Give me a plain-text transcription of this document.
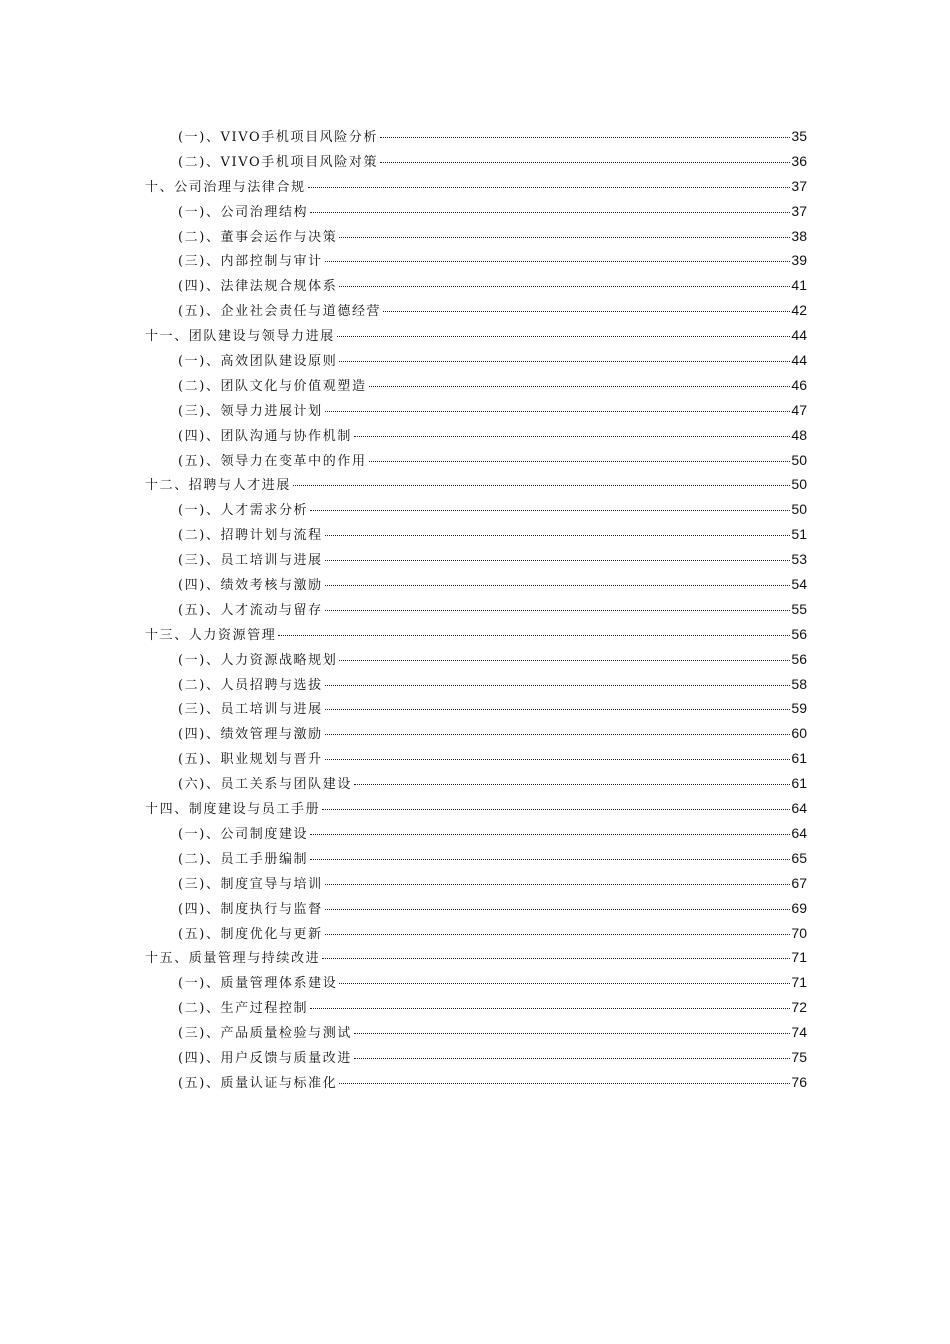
(一)、VIVO手机项目风险分析	35
(二)、VIVO手机项目风险对策	36
十、公司治理与法律合规	37
(一)、公司治理结构	37
(二)、董事会运作与决策	38
(三)、内部控制与审计	39
(四)、法律法规合规体系	41
(五)、企业社会责任与道德经营	42
十一、团队建设与领导力进展	44
(一)、高效团队建设原则	44
(二)、团队文化与价值观塑造	46
(三)、领导力进展计划	47
(四)、团队沟通与协作机制	48
(五)、领导力在变革中的作用	50
十二、招聘与人才进展	50
(一)、人才需求分析	50
(二)、招聘计划与流程	51
(三)、员工培训与进展	53
(四)、绩效考核与激励	54
(五)、人才流动与留存	55
十三、人力资源管理	56
(一)、人力资源战略规划	56
(二)、人员招聘与选拔	58
(三)、员工培训与进展	59
(四)、绩效管理与激励	60
(五)、职业规划与晋升	61
(六)、员工关系与团队建设	61
十四、制度建设与员工手册	64
(一)、公司制度建设	64
(二)、员工手册编制	65
(三)、制度宣导与培训	67
(四)、制度执行与监督	69
(五)、制度优化与更新	70
十五、质量管理与持续改进	71
(一)、质量管理体系建设	71
(二)、生产过程控制	72
(三)、产品质量检验与测试	74
(四)、用户反馈与质量改进	75
(五)、质量认证与标准化	76
